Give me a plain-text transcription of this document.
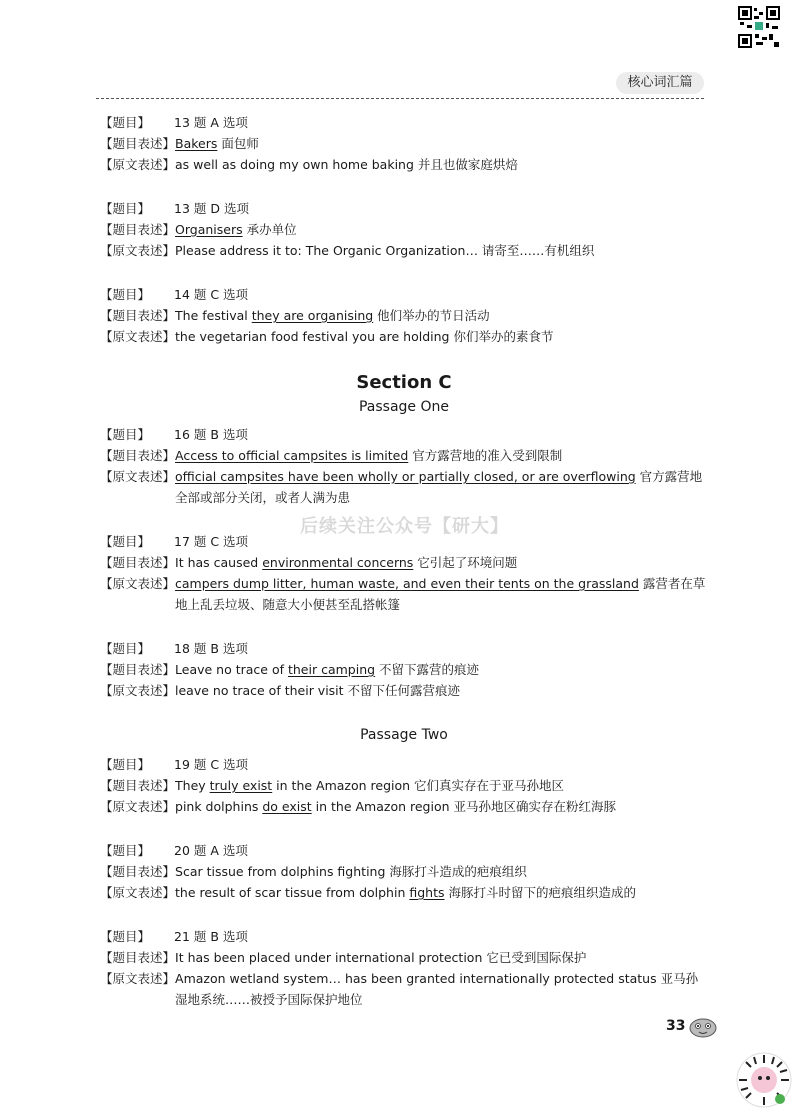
核心词汇篇
后续关注公众号【研大】
【题目】	13 题 A 选项
【题目表述】 Bakers 面包师
【原文表述】 as well as doing my own home baking 并且也做家庭烘焙
【题目】	13 题 D 选项
【题目表述】 Organisers 承办单位
【原文表述】 Please address it to: The Organic Organization… 请寄至……有机组织
【题目】	14 题 C 选项
【题目表述】 The festival they are organising 他们举办的节日活动
【原文表述】 the vegetarian food festival you are holding 你们举办的素食节
Section C
Passage One
【题目】	16 题 B 选项
【题目表述】 Access to official campsites is limited 官方露营地的准入受到限制
【原文表述】 official campsites have been wholly or partially closed, or are overflowing 官方露营地全部或部分关闭，或者人满为患
【题目】	17 题 C 选项
【题目表述】 It has caused environmental concerns 它引起了环境问题
【原文表述】 campers dump litter, human waste, and even their tents on the grassland 露营者在草地上乱丢垃圾、随意大小便甚至乱搭帐篷
【题目】	18 题 B 选项
【题目表述】 Leave no trace of their camping 不留下露营的痕迹
【原文表述】 leave no trace of their visit 不留下任何露营痕迹
Passage Two
【题目】	19 题 C 选项
【题目表述】 They truly exist in the Amazon region 它们真实存在于亚马孙地区
【原文表述】 pink dolphins do exist in the Amazon region 亚马孙地区确实存在粉红海豚
【题目】	20 题 A 选项
【题目表述】 Scar tissue from dolphins fighting 海豚打斗造成的疤痕组织
【原文表述】 the result of scar tissue from dolphin fights 海豚打斗时留下的疤痕组织造成的
【题目】	21 题 B 选项
【题目表述】 It has been placed under international protection 它已受到国际保护
【原文表述】 Amazon wetland system… has been granted internationally protected status 亚马孙湿地系统……被授予国际保护地位
33
